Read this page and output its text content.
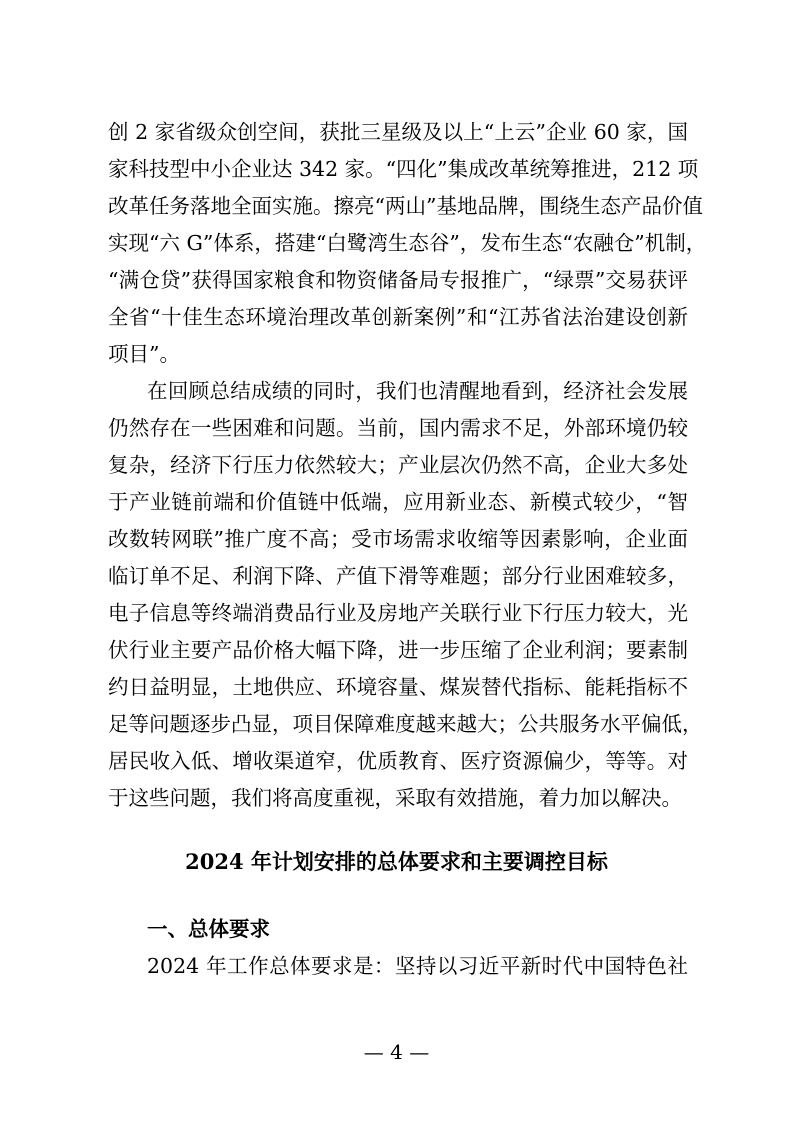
创 2 家省级众创空间，获批三星级及以上“上云”企业 60 家，国
家科技型中小企业达 342 家。“四化”集成改革统筹推进，212 项
改革任务落地全面实施。擦亮“两山”基地品牌，围绕生态产品价值
实现“六 G”体系，搭建“白鹭湾生态谷”，发布生态“农融仓”机制，
“满仓贷”获得国家粮食和物资储备局专报推广，“绿票”交易获评
全省“十佳生态环境治理改革创新案例”和“江苏省法治建设创新
项目”。
在回顾总结成绩的同时，我们也清醒地看到，经济社会发展
仍然存在一些困难和问题。当前，国内需求不足，外部环境仍较
复杂，经济下行压力依然较大；产业层次仍然不高，企业大多处
于产业链前端和价值链中低端，应用新业态、新模式较少，“智
改数转网联”推广度不高；受市场需求收缩等因素影响，企业面
临订单不足、利润下降、产值下滑等难题；部分行业困难较多，
电子信息等终端消费品行业及房地产关联行业下行压力较大，光
伏行业主要产品价格大幅下降，进一步压缩了企业利润；要素制
约日益明显，土地供应、环境容量、煤炭替代指标、能耗指标不
足等问题逐步凸显，项目保障难度越来越大；公共服务水平偏低，
居民收入低、增收渠道窄，优质教育、医疗资源偏少，等等。对
于这些问题，我们将高度重视，采取有效措施，着力加以解决。
2024 年计划安排的总体要求和主要调控目标
一、总体要求
2024 年工作总体要求是：坚持以习近平新时代中国特色社
— 4 —
